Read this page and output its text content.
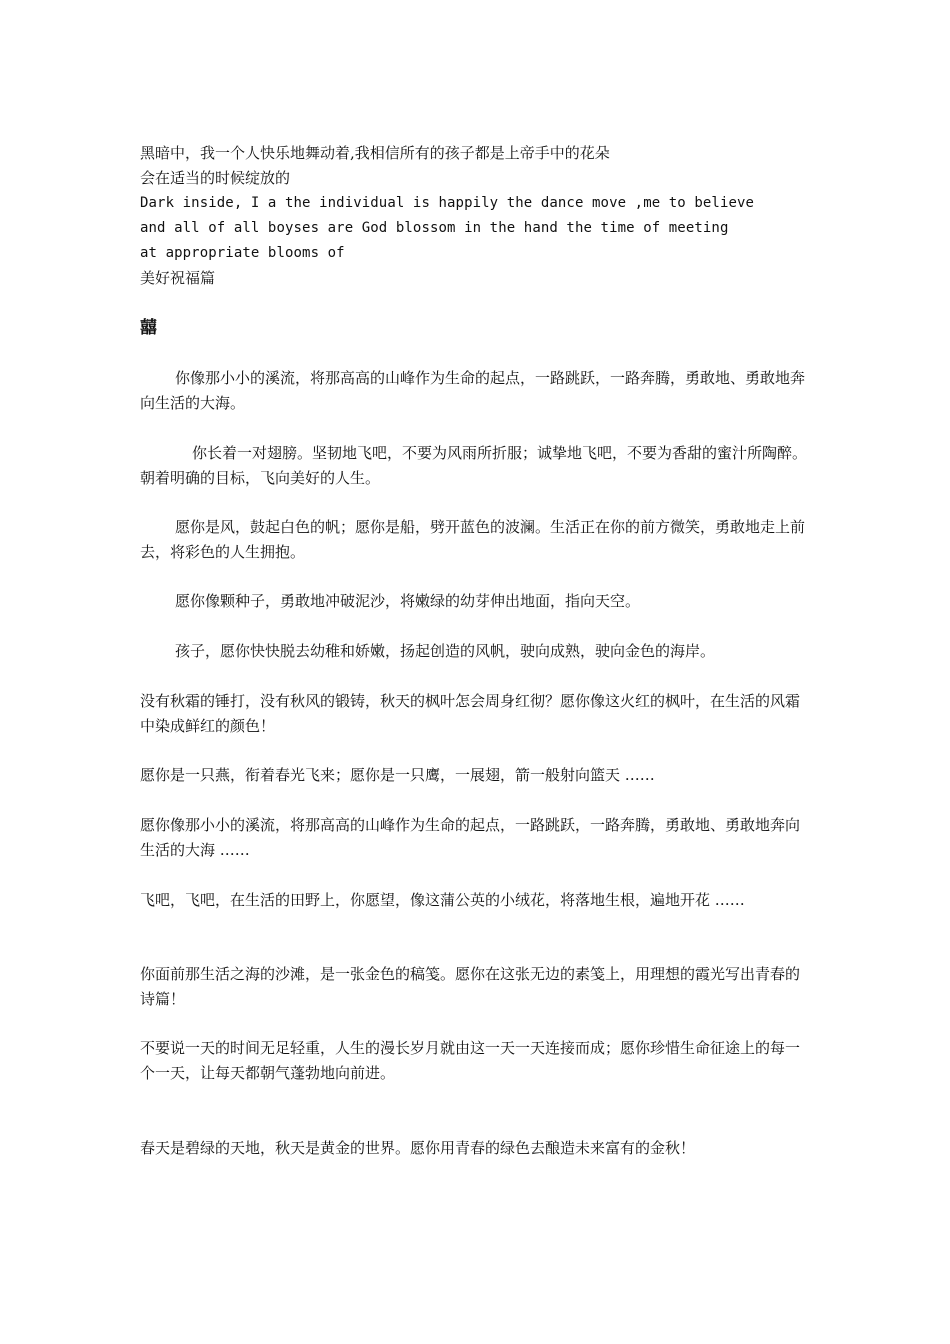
黑暗中，我一个人快乐地舞动着,我相信所有的孩子都是上帝手中的花朵
会在适当的时候绽放的
Dark inside, I a the individual is happily the dance move ,me to believe
and all of all boyses are God blossom in the hand the time of meeting
at appropriate blooms of
美好祝福篇
囍
你像那小小的溪流，将那高高的山峰作为生命的起点，一路跳跃，一路奔腾，勇敢地、勇敢地奔向生活的大海。
你长着一对翅膀。坚韧地飞吧，不要为风雨所折服；诚挚地飞吧，不要为香甜的蜜汁所陶醉。朝着明确的目标，飞向美好的人生。
愿你是风，鼓起白色的帆；愿你是船，劈开蓝色的波澜。生活正在你的前方微笑，勇敢地走上前去，将彩色的人生拥抱。
愿你像颗种子，勇敢地冲破泥沙，将嫩绿的幼芽伸出地面，指向天空。
孩子，愿你快快脱去幼稚和娇嫩，扬起创造的风帆，驶向成熟，驶向金色的海岸。
没有秋霜的锤打，没有秋风的锻铸，秋天的枫叶怎会周身红彻？愿你像这火红的枫叶，在生活的风霜中染成鲜红的颜色！
愿你是一只燕，衔着春光飞来；愿你是一只鹰，一展翅，箭一般射向篮天 ……
愿你像那小小的溪流，将那高高的山峰作为生命的起点，一路跳跃，一路奔腾，勇敢地、勇敢地奔向生活的大海 ……
飞吧，飞吧，在生活的田野上，你愿望，像这蒲公英的小绒花，将落地生根，遍地开花 ……
你面前那生活之海的沙滩，是一张金色的稿笺。愿你在这张无边的素笺上，用理想的霞光写出青春的诗篇！
不要说一天的时间无足轻重，人生的漫长岁月就由这一天一天连接而成；愿你珍惜生命征途上的每一个一天，让每天都朝气蓬勃地向前进。
春天是碧绿的天地，秋天是黄金的世界。愿你用青春的绿色去酿造未来富有的金秋！
